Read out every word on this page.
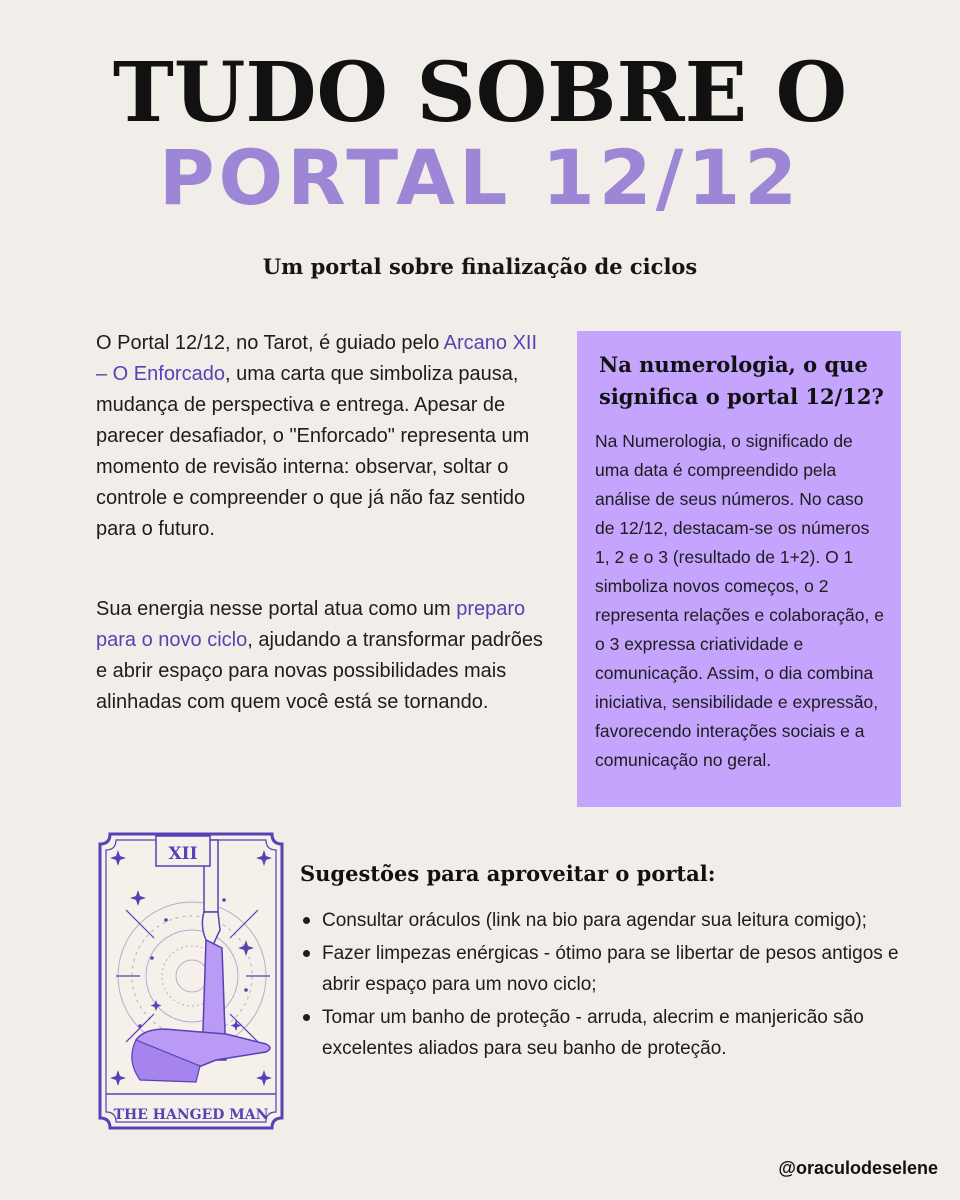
TUDO SOBRE O
PORTAL 12/12
Um portal sobre finalização de ciclos
O Portal 12/12, no Tarot, é guiado pelo Arcano XII – O Enforcado, uma carta que simboliza pausa, mudança de perspectiva e entrega. Apesar de parecer desafiador, o "Enforcado" representa um momento de revisão interna: observar, soltar o controle e compreender o que já não faz sentido para o futuro.
Sua energia nesse portal atua como um preparo para o novo ciclo, ajudando a transformar padrões e abrir espaço para novas possibilidades mais alinhadas com quem você está se tornando.
Na numerologia, o que significa o portal 12/12?
Na Numerologia, o significado de uma data é compreendido pela análise de seus números. No caso de 12/12, destacam-se os números 1, 2 e o 3 (resultado de 1+2). O 1 simboliza novos começos, o 2 representa relações e colaboração, e o 3 expressa criatividade e comunicação. Assim, o dia combina iniciativa, sensibilidade e expressão, favorecendo interações sociais e a comunicação no geral.
XII
THE HANGED MAN
Sugestões para aproveitar o portal:
Consultar oráculos (link na bio para agendar sua leitura comigo);
Fazer limpezas enérgicas - ótimo para se libertar de pesos antigos e abrir espaço para um novo ciclo;
Tomar um banho de proteção - arruda, alecrim e manjericão são excelentes aliados para seu banho de proteção.
@oraculodeselene
